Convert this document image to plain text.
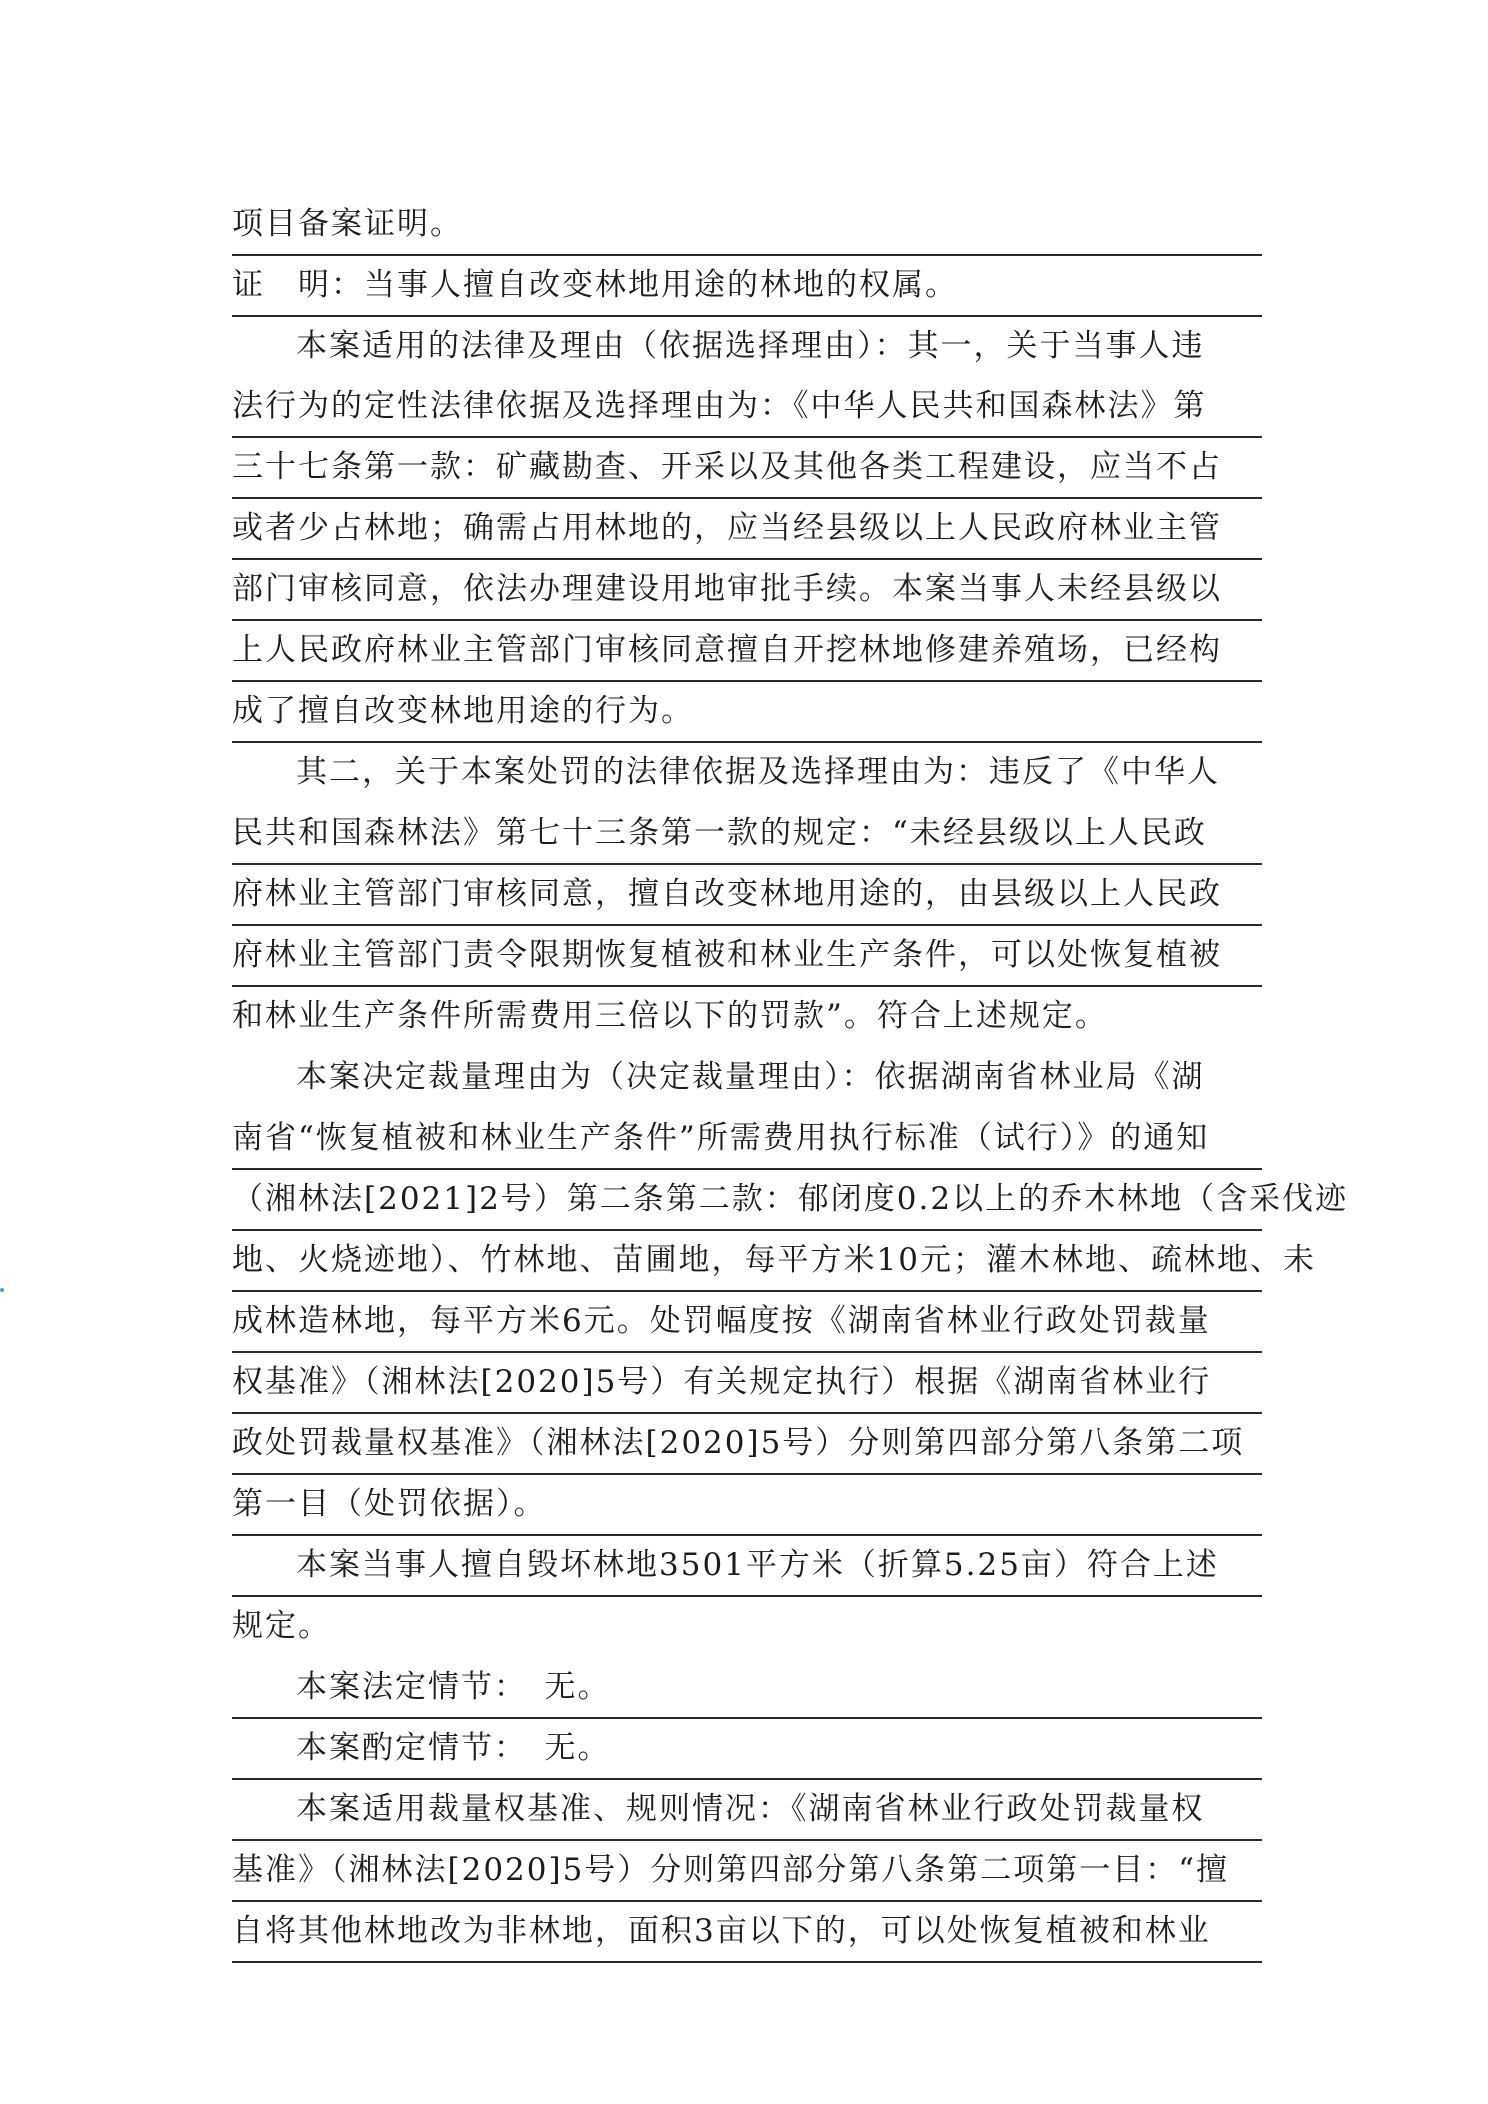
项目备案证明。
证　明：当事人擅自改变林地用途的林地的权属。
本案适用的法律及理由（依据选择理由）：其一，关于当事人违
法行为的定性法律依据及选择理由为：《中华人民共和国森林法》第
三十七条第一款：矿藏勘查、开采以及其他各类工程建设，应当不占
或者少占林地；确需占用林地的，应当经县级以上人民政府林业主管
部门审核同意，依法办理建设用地审批手续。本案当事人未经县级以
上人民政府林业主管部门审核同意擅自开挖林地修建养殖场，已经构
成了擅自改变林地用途的行为。
其二，关于本案处罚的法律依据及选择理由为：违反了《中华人
民共和国森林法》第七十三条第一款的规定：“未经县级以上人民政
府林业主管部门审核同意，擅自改变林地用途的，由县级以上人民政
府林业主管部门责令限期恢复植被和林业生产条件，可以处恢复植被
和林业生产条件所需费用三倍以下的罚款”。符合上述规定。
本案决定裁量理由为（决定裁量理由）：依据湖南省林业局《湖
南省“恢复植被和林业生产条件”所需费用执行标准（试行）》的通知
（湘林法[2021]2号）第二条第二款：郁闭度0.2以上的乔木林地（含采伐迹
地、火烧迹地）、竹林地、苗圃地，每平方米10元；灌木林地、疏林地、未
成林造林地，每平方米6元。处罚幅度按《湖南省林业行政处罚裁量
权基准》（湘林法[2020]5号）有关规定执行）根据《湖南省林业行
政处罚裁量权基准》（湘林法[2020]5号）分则第四部分第八条第二项
第一目（处罚依据）。
本案当事人擅自毁坏林地3501平方米（折算5.25亩）符合上述
规定。
本案法定情节：　无。
本案酌定情节：　无。
本案适用裁量权基准、规则情况：《湖南省林业行政处罚裁量权
基准》（湘林法[2020]5号）分则第四部分第八条第二项第一目：“擅
自将其他林地改为非林地，面积3亩以下的，可以处恢复植被和林业
